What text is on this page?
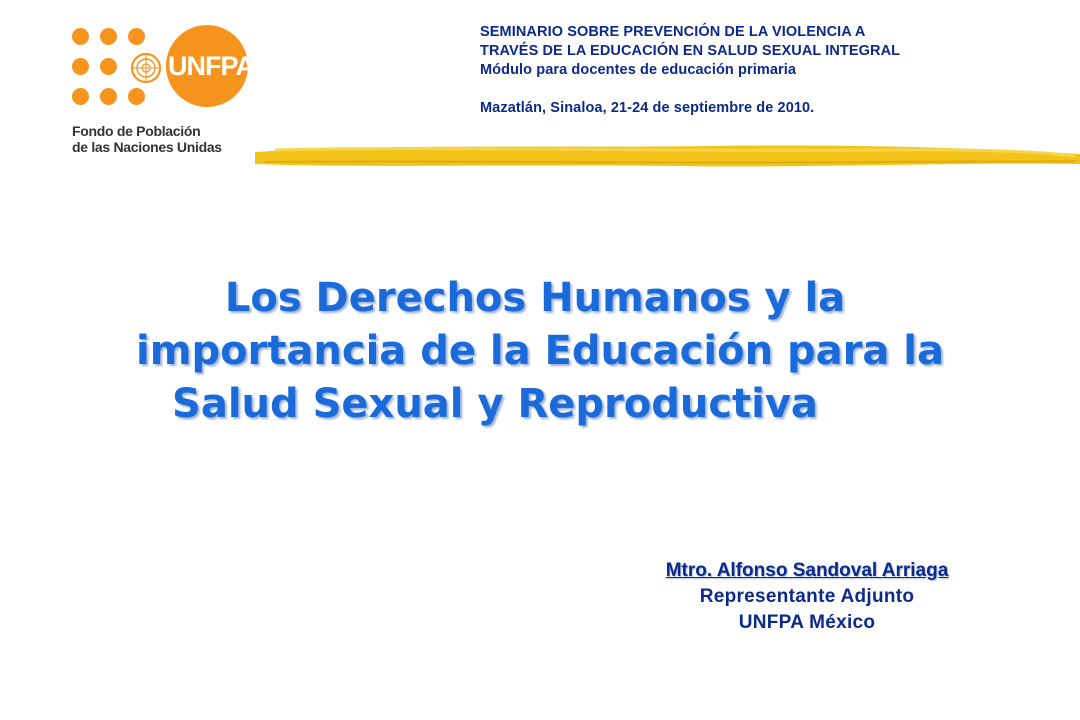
UNFPA
Fondo de Población
de las Naciones Unidas
SEMINARIO SOBRE PREVENCIÓN DE LA VIOLENCIA A
TRAVÉS DE LA EDUCACIÓN EN SALUD SEXUAL INTEGRAL
Módulo para docentes de educación primaria
Mazatlán, Sinaloa, 21-24 de septiembre de 2010.
Los Derechos Humanos y la
importancia de la Educación para la
Salud Sexual y Reproductiva
Mtro. Alfonso Sandoval Arriaga
Representante Adjunto
UNFPA México
